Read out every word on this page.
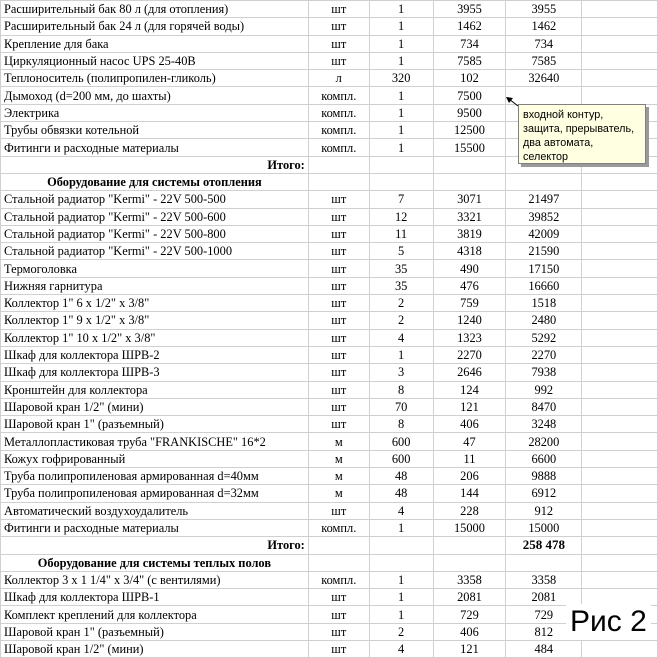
Расширительный бак 80 л (для отопления)	шт	1	3955	3955	
Расширительный бак 24 л (для горячей воды)	шт	1	1462	1462	
Крепление для бака	шт	1	734	734	
Циркуляционный насос UPS 25-40B	шт	1	7585	7585	
Теплоноситель (полипропилен-гликоль)	л	320	102	32640	
Дымоход (d=200 мм, до шахты)	компл.	1	7500		
Электрика	компл.	1	9500		
Трубы обвязки котельной	компл.	1	12500		
Фитинги и расходные материалы	компл.	1	15500		
Итого:					
Оборудование для системы отопления					
Стальной радиатор "Kermi" - 22V 500-500	шт	7	3071	21497	
Стальной радиатор "Kermi" - 22V 500-600	шт	12	3321	39852	
Стальной радиатор "Kermi" - 22V 500-800	шт	11	3819	42009	
Стальной радиатор "Kermi" - 22V 500-1000	шт	5	4318	21590	
Термоголовка	шт	35	490	17150	
Нижняя гарнитура	шт	35	476	16660	
Коллектор 1" 6 х 1/2" х 3/8"	шт	2	759	1518	
Коллектор 1" 9 х 1/2" х 3/8"	шт	2	1240	2480	
Коллектор 1" 10 х 1/2" х 3/8"	шт	4	1323	5292	
Шкаф для коллектора ШРВ-2	шт	1	2270	2270	
Шкаф для коллектора ШРВ-3	шт	3	2646	7938	
Кронштейн для коллектора	шт	8	124	992	
Шаровой кран 1/2" (мини)	шт	70	121	8470	
Шаровой кран 1" (разъемный)	шт	8	406	3248	
Металлопластиковая труба "FRANKISCHE" 16*2	м	600	47	28200	
Кожух гофрированный	м	600	11	6600	
Труба полипропиленовая армированная d=40мм	м	48	206	9888	
Труба полипропиленовая армированная d=32мм	м	48	144	6912	
Автоматический воздухоудалитель	шт	4	228	912	
Фитинги и расходные материалы	компл.	1	15000	15000	
Итого:				258 478	
Оборудование для системы теплых полов					
Коллектор 3 х 1 1/4" х 3/4" (с вентилями)	компл.	1	3358	3358	
Шкаф для коллектора ШРВ-1	шт	1	2081	2081	
Комплект креплений для коллектора	шт	1	729	729	
Шаровой кран 1" (разъемный)	шт	2	406	812	
Шаровой кран 1/2" (мини)	шт	4	121	484	
входной контур,
защита, прерыватель,
два автомата,
селектор
Рис 2
